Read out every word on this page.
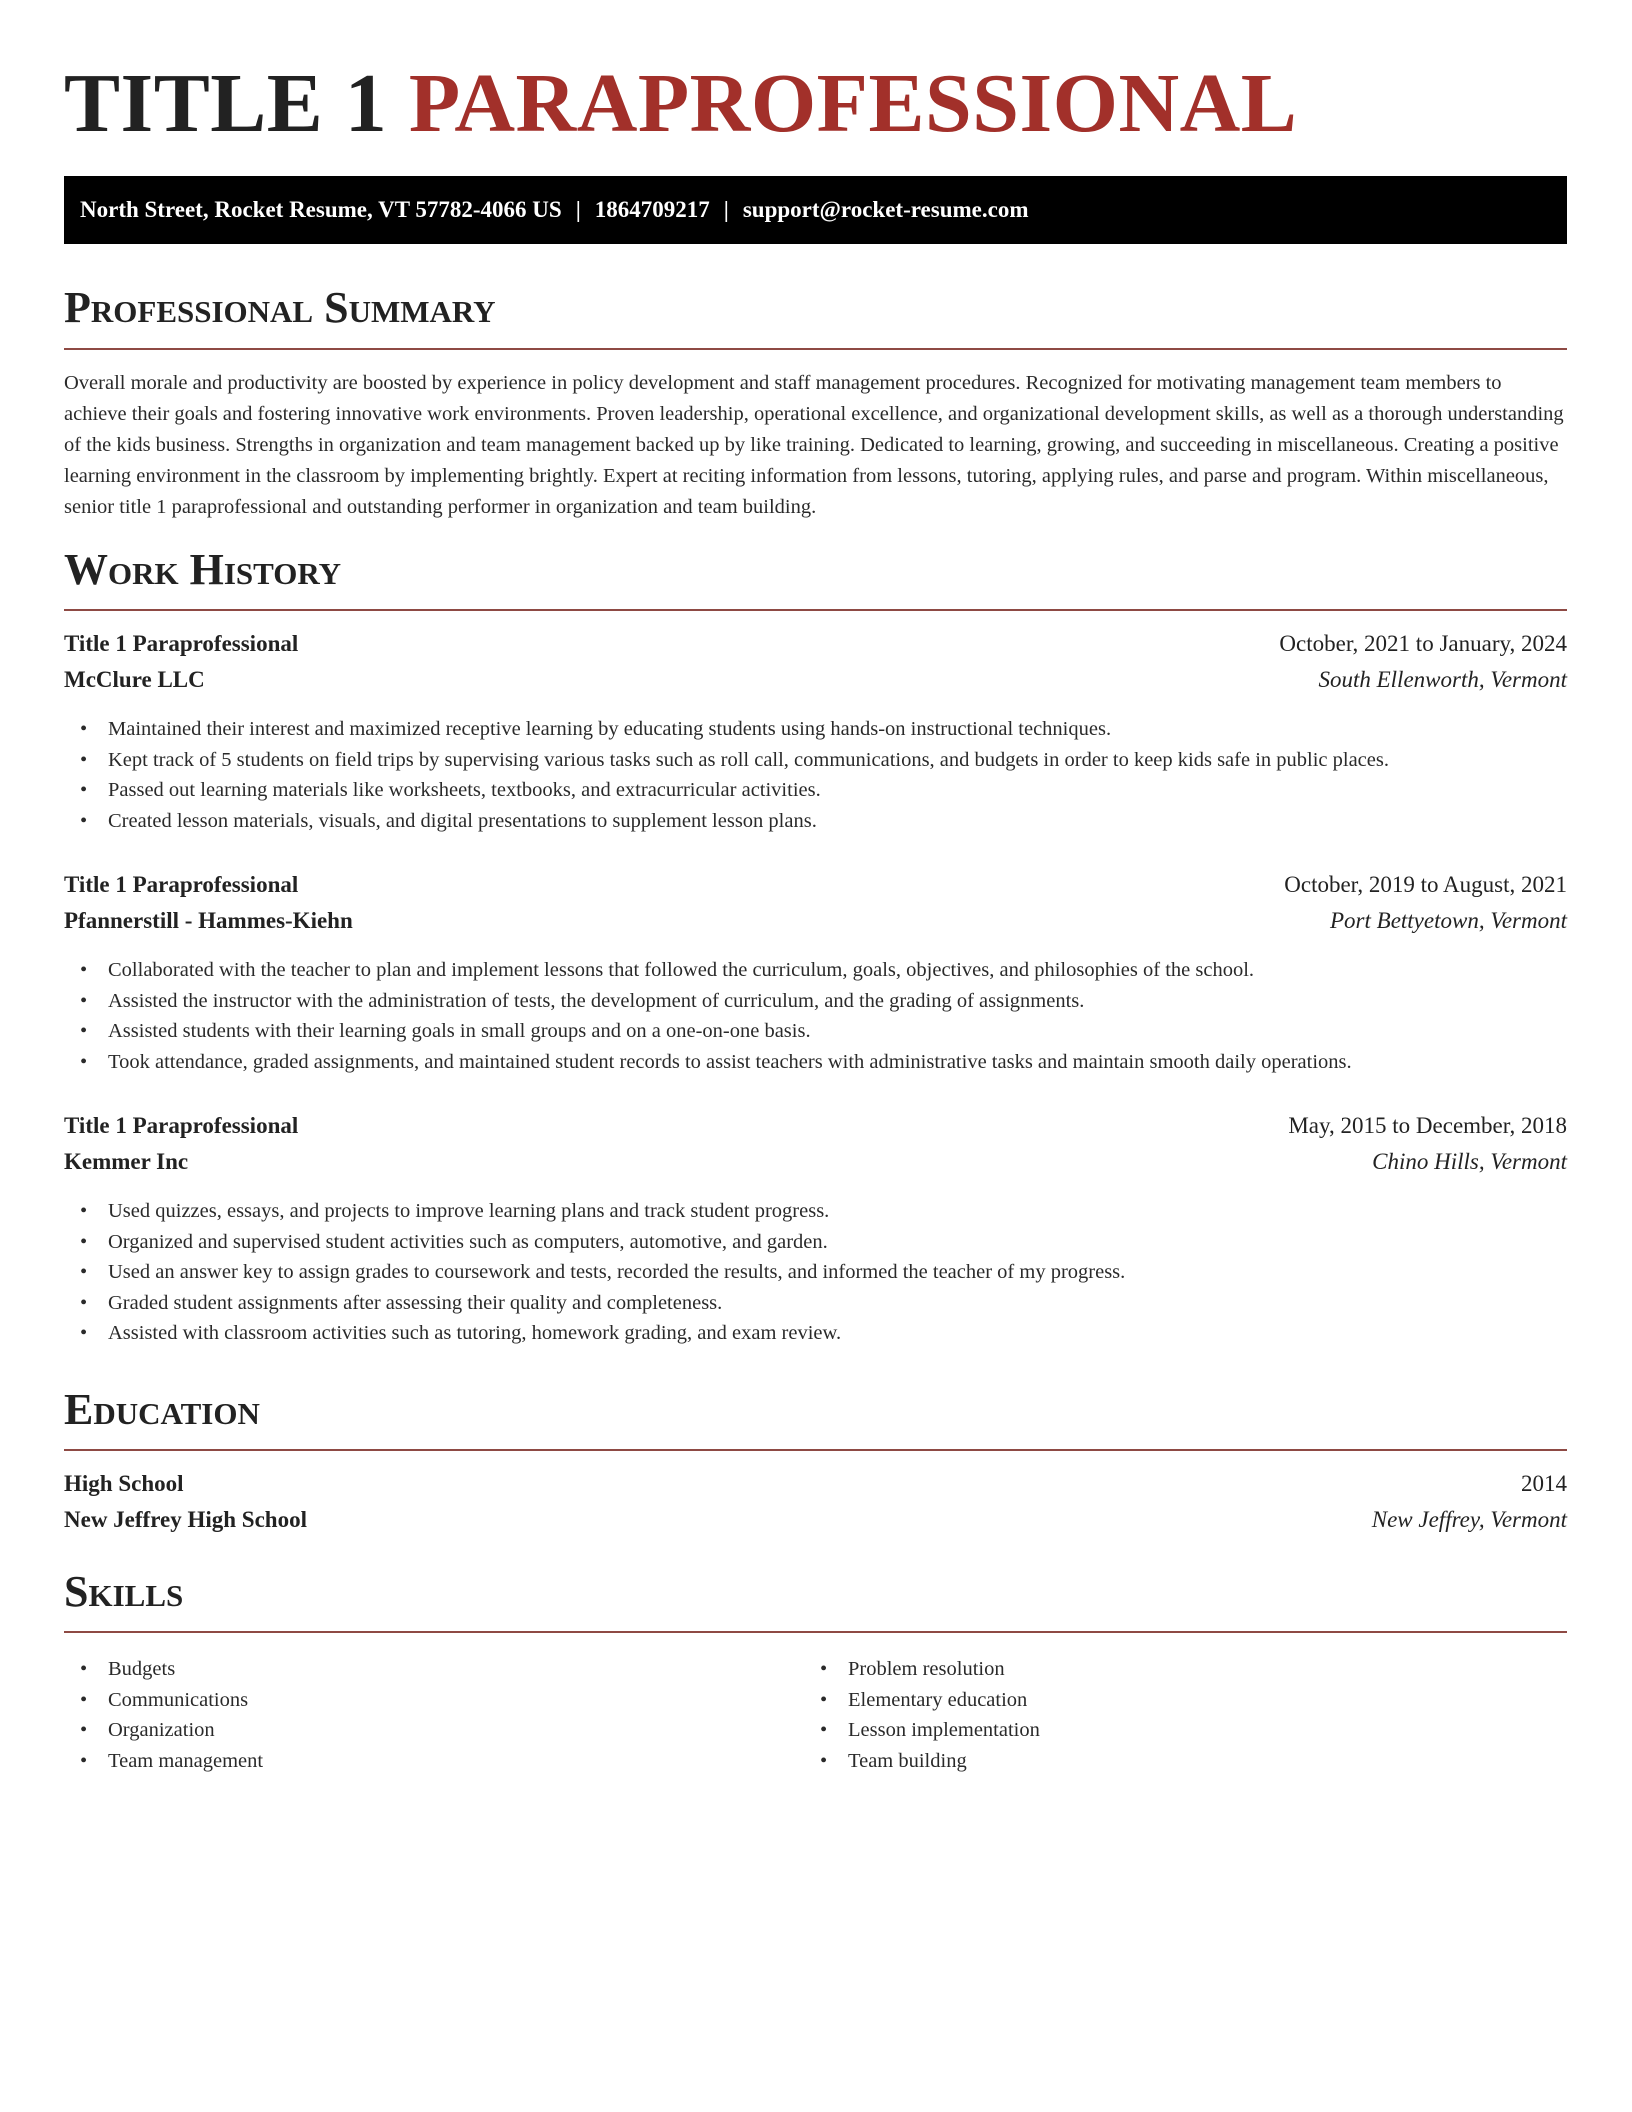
TITLE 1 PARAPROFESSIONAL
North Street, Rocket Resume, VT 57782-4066 US | 1864709217 | support@rocket-resume.com
Professional Summary
Overall morale and productivity are boosted by experience in policy development and staff management procedures. Recognized for motivating management team members to achieve their goals and fostering innovative work environments. Proven leadership, operational excellence, and organizational development skills, as well as a thorough understanding of the kids business. Strengths in organization and team management backed up by like training. Dedicated to learning, growing, and succeeding in miscellaneous. Creating a positive learning environment in the classroom by implementing brightly. Expert at reciting information from lessons, tutoring, applying rules, and parse and program. Within miscellaneous, senior title 1 paraprofessional and outstanding performer in organization and team building.
Work History
Title 1 Paraprofessional	October, 2021 to January, 2024
McClure LLC	South Ellenworth, Vermont
• Maintained their interest and maximized receptive learning by educating students using hands-on instructional techniques.
• Kept track of 5 students on field trips by supervising various tasks such as roll call, communications, and budgets in order to keep kids safe in public places.
• Passed out learning materials like worksheets, textbooks, and extracurricular activities.
• Created lesson materials, visuals, and digital presentations to supplement lesson plans.
Title 1 Paraprofessional	October, 2019 to August, 2021
Pfannerstill - Hammes-Kiehn	Port Bettyetown, Vermont
• Collaborated with the teacher to plan and implement lessons that followed the curriculum, goals, objectives, and philosophies of the school.
• Assisted the instructor with the administration of tests, the development of curriculum, and the grading of assignments.
• Assisted students with their learning goals in small groups and on a one-on-one basis.
• Took attendance, graded assignments, and maintained student records to assist teachers with administrative tasks and maintain smooth daily operations.
Title 1 Paraprofessional	May, 2015 to December, 2018
Kemmer Inc	Chino Hills, Vermont
• Used quizzes, essays, and projects to improve learning plans and track student progress.
• Organized and supervised student activities such as computers, automotive, and garden.
• Used an answer key to assign grades to coursework and tests, recorded the results, and informed the teacher of my progress.
• Graded student assignments after assessing their quality and completeness.
• Assisted with classroom activities such as tutoring, homework grading, and exam review.
Education
High School	2014
New Jeffrey High School	New Jeffrey, Vermont
Skills
• Budgets
• Communications
• Organization
• Team management
• Problem resolution
• Elementary education
• Lesson implementation
• Team building
